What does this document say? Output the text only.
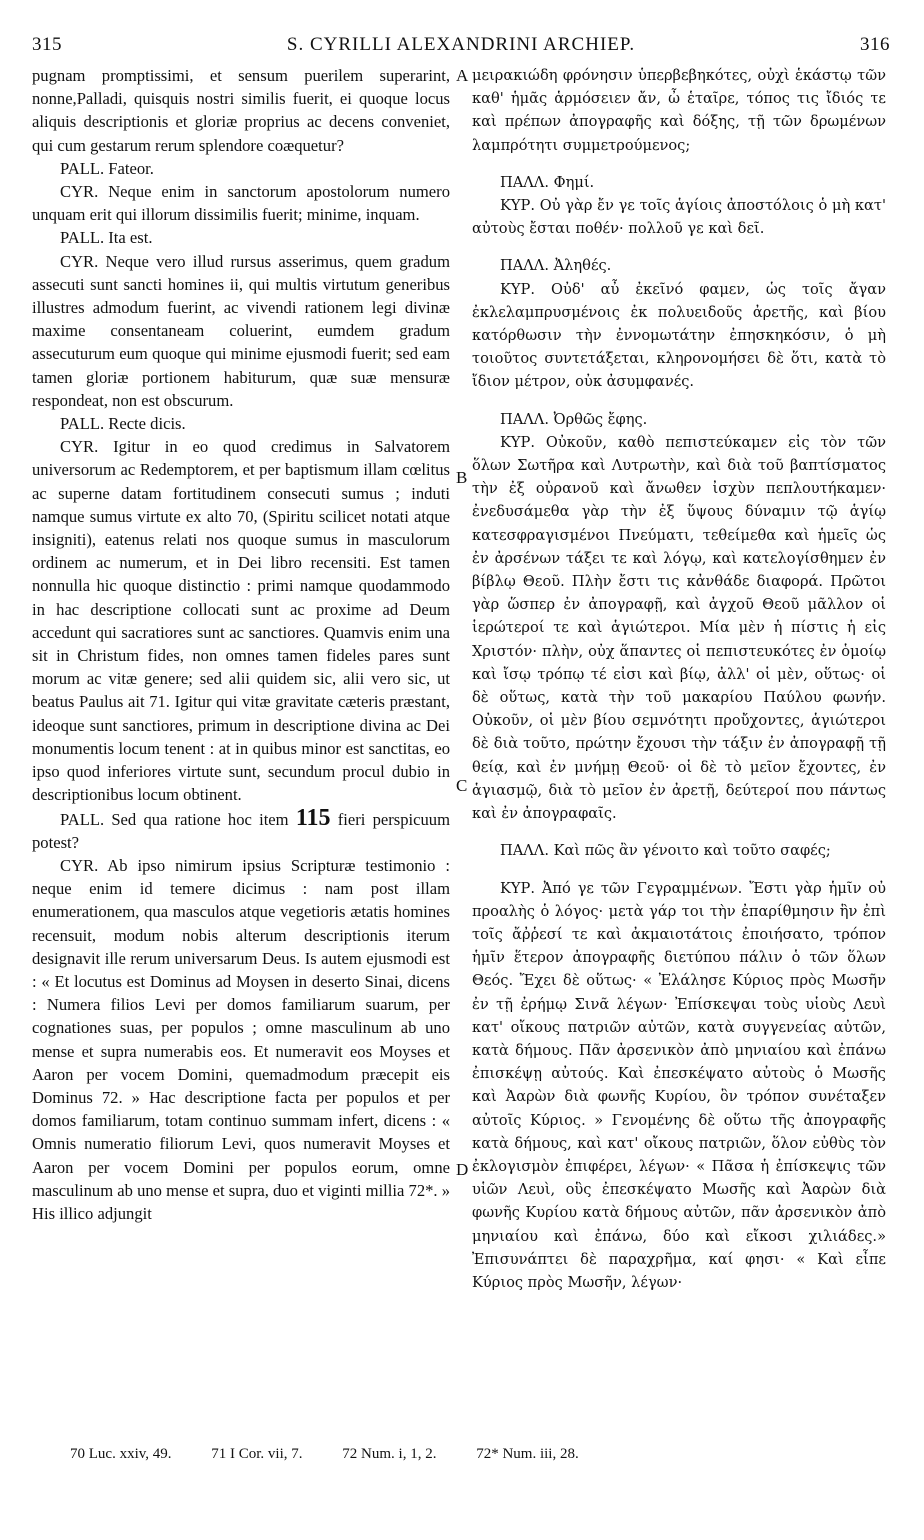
315	S. CYRILLI ALEXANDRINI ARCHIEP.	316

pugnam promptissimi, et sensum puerilem superarint, nonne,Palladi, quisquis nostri similis fuerit, ei quoque locus aliquis descriptionis et gloriæ proprius ac decens conveniet, qui cum gestarum rerum splendore coæquetur?

PALL. Fateor.

CYR. Neque enim in sanctorum apostolorum numero unquam erit qui illorum dissimilis fuerit; minime, inquam.

PALL. Ita est.

CYR. Neque vero illud rursus asserimus, quem gradum assecuti sunt sancti homines ii, qui multis virtutum generibus illustres admodum fuerint, ac vivendi rationem legi divinæ maxime consentaneam coluerint, eumdem gradum assecuturum eum quoque qui minime ejusmodi fuerit; sed eam tamen gloriæ portionem habiturum, quæ suæ mensuræ respondeat, non est obscurum.

PALL. Recte dicis.

CYR. Igitur in eo quod credimus in Salvatorem universorum ac Redemptorem, et per baptismum illam cœlitus ac superne datam fortitudinem consecuti sumus ; induti namque sumus virtute ex alto 70, (Spiritu scilicet notati atque insigniti), eatenus relati nos quoque sumus in masculorum ordinem ac numerum, et in Dei libro recensiti. Est tamen nonnulla hic quoque distinctio : primi namque quodammodo in hac descriptione collocati sunt ac proxime ad Deum accedunt qui sacratiores sunt ac sanctiores. Quamvis enim una sit in Christum fides, non omnes tamen fideles pares sunt morum ac vitæ genere; sed alii quidem sic, alii vero sic, ut beatus Paulus ait 71. Igitur qui vitæ gravitate cæteris præstant, ideoque sunt sanctiores, primum in descriptione divina ac Dei monumentis locum tenent : at in quibus minor est sanctitas, eo ipso quod inferiores virtute sunt, secundum procul dubio in descriptionibus locum obtinent.

PALL. Sed qua ratione hoc item 115 fieri perspicuum potest?

CYR. Ab ipso nimirum ipsius Scripturæ testimonio : neque enim id temere dicimus : nam post illam enumerationem, qua masculos atque vegetioris ætatis homines recensuit, modum nobis alterum descriptionis iterum designavit ille rerum universarum Deus. Is autem ejusmodi est : « Et locutus est Dominus ad Moysen in deserto Sinai, dicens : Numera filios Levi per domos familiarum suarum, per cognationes suas, per populos ; omne masculinum ab uno mense et supra numerabis eos. Et numeravit eos Moyses et Aaron per vocem Domini, quemadmodum præcepit eis Dominus 72. » Hac descriptione facta per populos et per domos familiarum, totam continuo summam infert, dicens : « Omnis numeratio filiorum Levi, quos numeravit Moyses et Aaron per vocem Domini per populos eorum, omne masculinum ab uno mense et supra, duo et viginti millia 72*. » His illico adjungit

A
B
C
D

μειρακιώδη φρόνησιν ὑπερβεβηκότες, οὐχὶ ἑκάστῳ τῶν καθ' ἡμᾶς ἁρμόσειεν ἄν, ὦ ἑταῖρε, τόπος τις ἴδιός τε καὶ πρέπων ἀπογραφῆς καὶ δόξης, τῇ τῶν δρωμένων λαμπρότητι συμμετρούμενος;

ΠΑΛΛ. Φημί.

ΚΥΡ. Οὐ γὰρ ἔν γε τοῖς ἁγίοις ἀποστόλοις ὁ μὴ κατ' αὐτοὺς ἔσται ποθέν· πολλοῦ γε καὶ δεῖ.

ΠΑΛΛ. Ἀληθές.

ΚΥΡ. Οὐδ' αὖ ἐκεῖνό φαμεν, ὡς τοῖς ἄγαν ἐκλελαμπρυσμένοις ἐκ πολυειδοῦς ἀρετῆς, καὶ βίου κατόρθωσιν τὴν ἐννομωτάτην ἐπησκηκόσιν, ὁ μὴ τοιοῦτος συντετάξεται, κληρονομήσει δὲ ὅτι, κατὰ τὸ ἴδιον μέτρον, οὐκ ἀσυμφανές.

ΠΑΛΛ. Ὀρθῶς ἔφης.

ΚΥΡ. Οὐκοῦν, καθὸ πεπιστεύκαμεν εἰς τὸν τῶν ὅλων Σωτῆρα καὶ Λυτρωτὴν, καὶ διὰ τοῦ βαπτίσματος τὴν ἐξ οὐρανοῦ καὶ ἄνωθεν ἰσχὺν πεπλουτήκαμεν· ἐνεδυσάμεθα γὰρ τὴν ἐξ ὕψους δύναμιν τῷ ἁγίῳ κατεσφραγισμένοι Πνεύματι, τεθείμεθα καὶ ἡμεῖς ὡς ἐν ἀρσένων τάξει τε καὶ λόγῳ, καὶ κατελογίσθημεν ἐν βίβλῳ Θεοῦ. Πλὴν ἔστι τις κἀνθάδε διαφορά. Πρῶτοι γὰρ ὥσπερ ἐν ἀπογραφῇ, καὶ ἀγχοῦ Θεοῦ μᾶλλον οἱ ἱερώτεροί τε καὶ ἁγιώτεροι. Μία μὲν ἡ πίστις ἡ εἰς Χριστόν· πλὴν, οὐχ ἅπαντες οἱ πεπιστευκότες ἐν ὁμοίῳ καὶ ἴσῳ τρόπῳ τέ εἰσι καὶ βίῳ, ἀλλ' οἱ μὲν, οὕτως· οἱ δὲ οὕτως, κατὰ τὴν τοῦ μακαρίου Παύλου φωνήν. Οὐκοῦν, οἱ μὲν βίου σεμνότητι προὔχοντες, ἁγιώτεροι δὲ διὰ τοῦτο, πρώτην ἔχουσι τὴν τάξιν ἐν ἀπογραφῇ τῇ θείᾳ, καὶ ἐν μνήμῃ Θεοῦ· οἱ δὲ τὸ μεῖον ἔχοντες, ἐν ἁγιασμῷ, διὰ τὸ μεῖον ἐν ἀρετῇ, δεύτεροί που πάντως καὶ ἐν ἀπογραφαῖς.

ΠΑΛΛ. Καὶ πῶς ἂν γένοιτο καὶ τοῦτο σαφές;

ΚΥΡ. Ἀπό γε τῶν Γεγραμμένων. Ἔστι γὰρ ἡμῖν οὐ προαλὴς ὁ λόγος· μετὰ γάρ τοι τὴν ἐπαρίθμησιν ἣν ἐπὶ τοῖς ἄῤῥεσί τε καὶ ἀκμαιοτάτοις ἐποιήσατο, τρόπον ἡμῖν ἕτερον ἀπογραφῆς διετύπου πάλιν ὁ τῶν ὅλων Θεός. Ἔχει δὲ οὕτως· « Ἐλάλησε Κύριος πρὸς Μωσῆν ἐν τῇ ἐρήμῳ Σινᾶ λέγων· Ἐπίσκεψαι τοὺς υἱοὺς Λευὶ κατ' οἴκους πατριῶν αὐτῶν, κατὰ συγγενείας αὐτῶν, κατὰ δήμους. Πᾶν ἀρσενικὸν ἀπὸ μηνιαίου καὶ ἐπάνω ἐπισκέψῃ αὐτούς. Καὶ ἐπεσκέψατο αὐτοὺς ὁ Μωσῆς καὶ Ἀαρὼν διὰ φωνῆς Κυρίου, ὃν τρόπον συνέταξεν αὐτοῖς Κύριος. » Γενομένης δὲ οὕτω τῆς ἀπογραφῆς κατὰ δήμους, καὶ κατ' οἴκους πατριῶν, ὅλον εὐθὺς τὸν ἐκλογισμὸν ἐπιφέρει, λέγων· « Πᾶσα ἡ ἐπίσκεψις τῶν υἱῶν Λευὶ, οὓς ἐπεσκέψατο Μωσῆς καὶ Ἀαρὼν διὰ φωνῆς Κυρίου κατὰ δήμους αὐτῶν, πᾶν ἀρσενικὸν ἀπὸ μηνιαίου καὶ ἐπάνω, δύο καὶ εἴκοσι χιλιάδες.» Ἐπισυνάπτει δὲ παραχρῆμα, καί φησι· « Καὶ εἶπε Κύριος πρὸς Μωσῆν, λέγων·

70 Luc. xxiv, 49.	71 I Cor. vii, 7.	72 Num. i, 1, 2.	72* Num. iii, 28.
